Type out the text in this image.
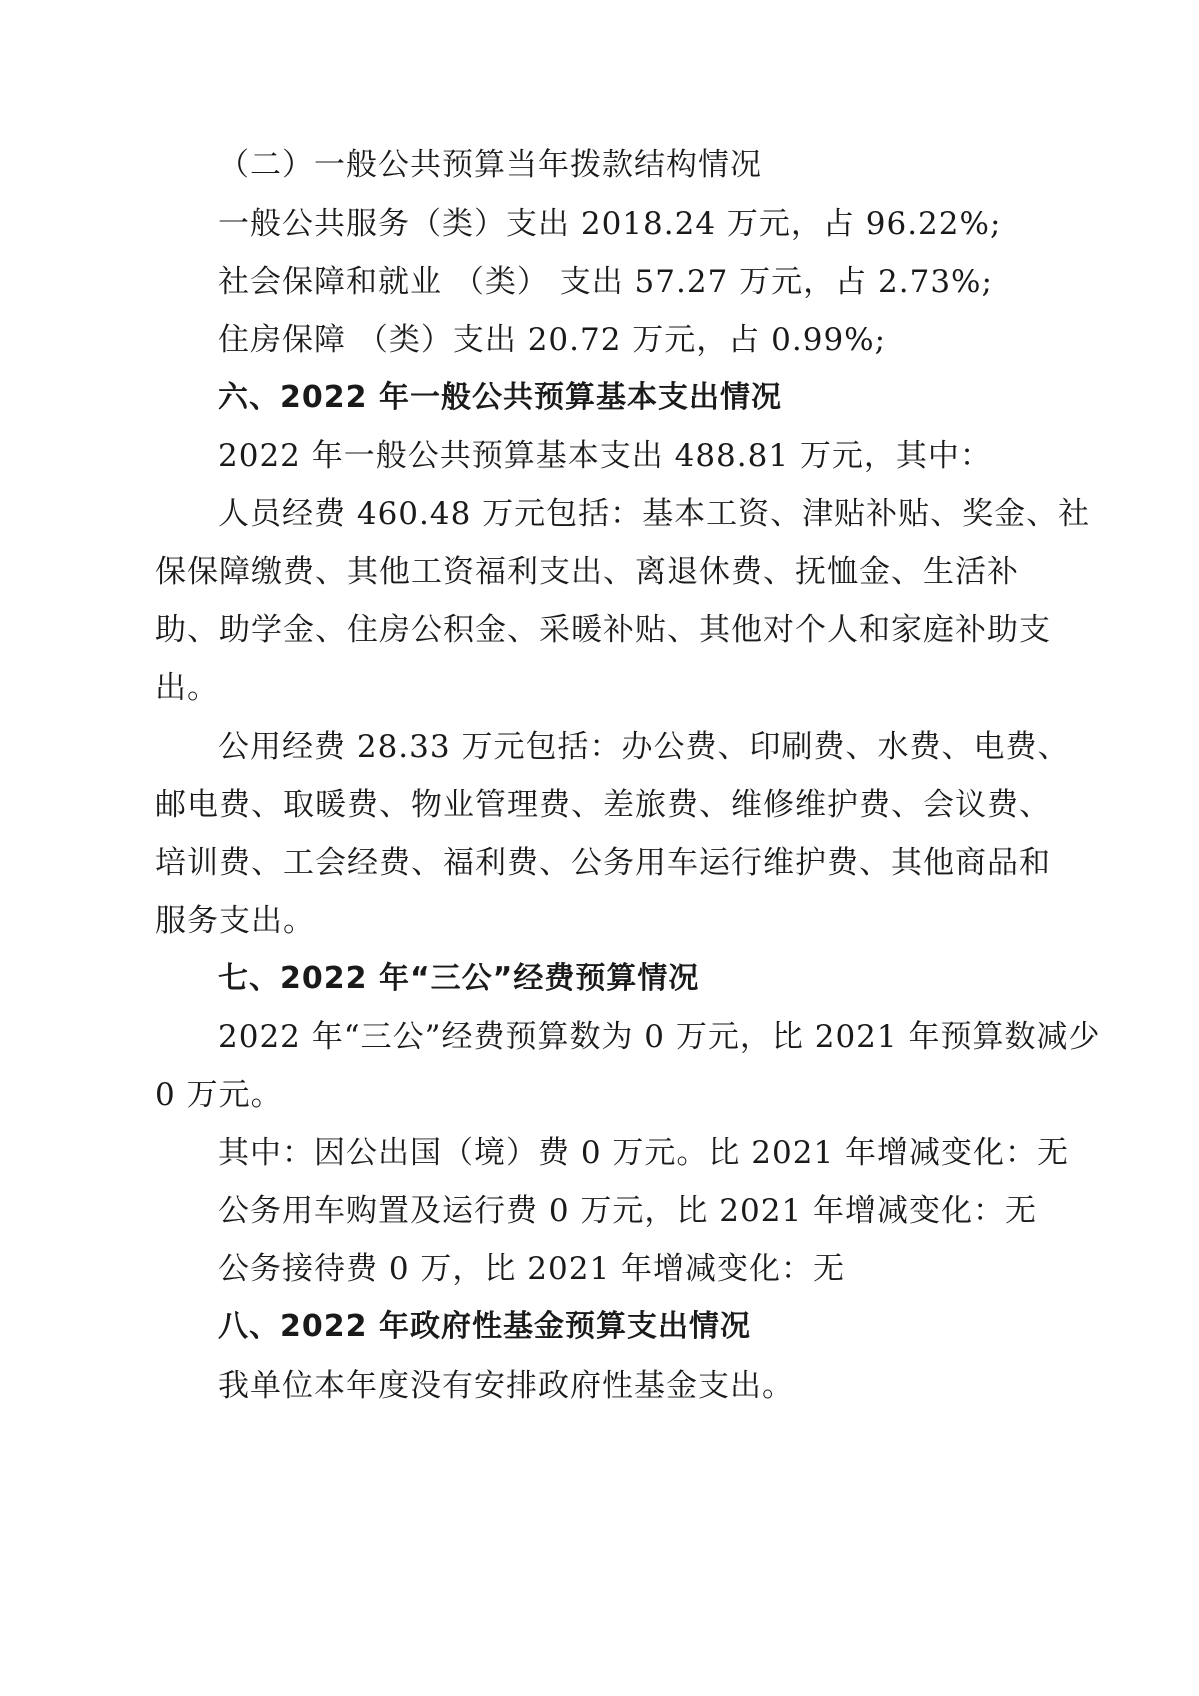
（二）一般公共预算当年拨款结构情况
一般公共服务（类）支出 2018.24 万元，占 96.22%;
社会保障和就业 （类） 支出 57.27 万元，占 2.73%;
住房保障 （类）支出 20.72 万元，占 0.99%;
六、2022 年一般公共预算基本支出情况
2022 年一般公共预算基本支出 488.81 万元，其中：
人员经费 460.48 万元包括：基本工资、津贴补贴、奖金、社
保保障缴费、其他工资福利支出、离退休费、抚恤金、生活补
助、助学金、住房公积金、采暖补贴、其他对个人和家庭补助支
出。
公用经费 28.33 万元包括：办公费、印刷费、水费、电费、
邮电费、取暖费、物业管理费、差旅费、维修维护费、会议费、
培训费、工会经费、福利费、公务用车运行维护费、其他商品和
服务支出。
七、2022 年“三公”经费预算情况
2022 年“三公”经费预算数为 0 万元，比 2021 年预算数减少
0 万元。
其中：因公出国（境）费 0 万元。比 2021 年增减变化：无
公务用车购置及运行费 0 万元，比 2021 年增减变化：无
公务接待费 0 万，比 2021 年增减变化：无
八、2022 年政府性基金预算支出情况
我单位本年度没有安排政府性基金支出。
